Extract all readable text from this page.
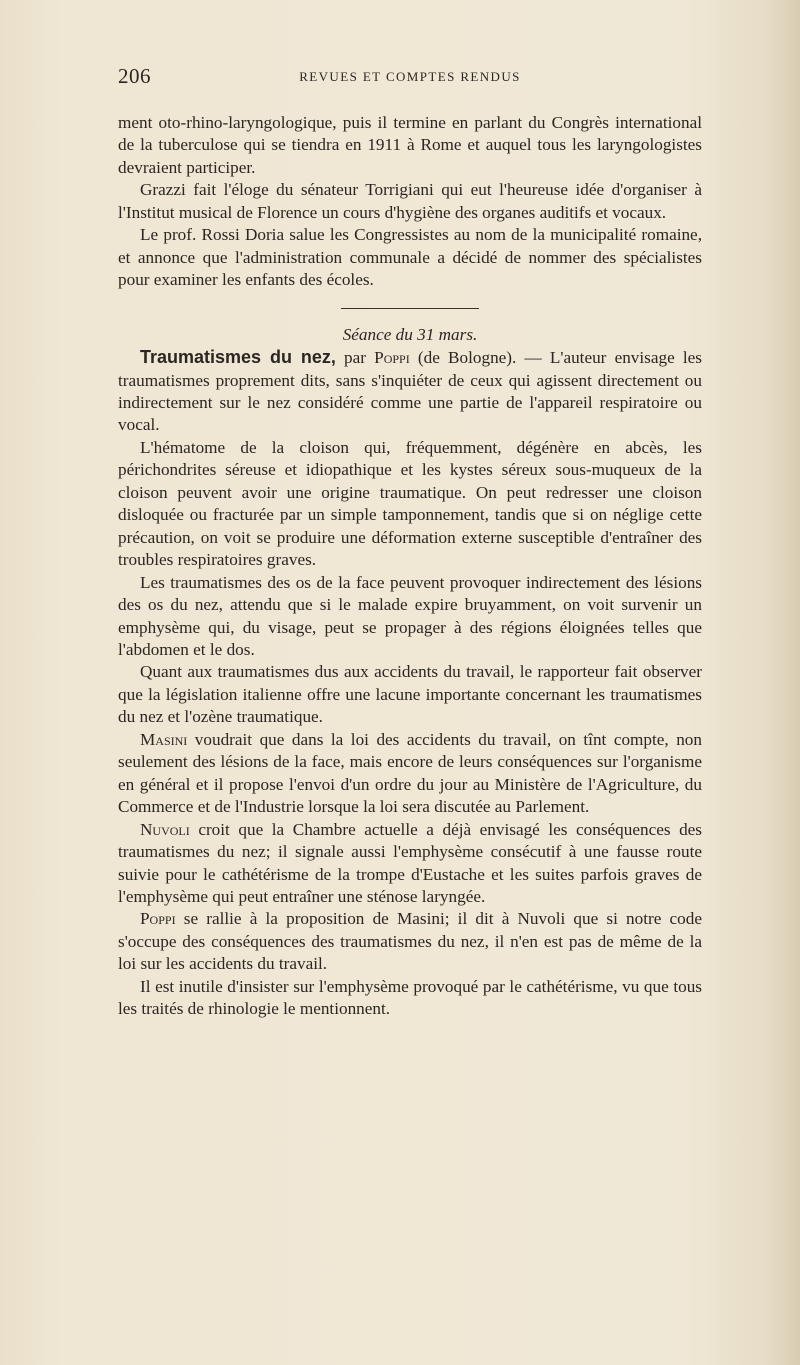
206	REVUES ET COMPTES RENDUS

ment oto-rhino-laryngologique, puis il termine en parlant du Congrès international de la tuberculose qui se tiendra en 1911 à Rome et auquel tous les laryngologistes devraient participer.

Grazzi fait l'éloge du sénateur Torrigiani qui eut l'heureuse idée d'organiser à l'Institut musical de Florence un cours d'hygiène des organes auditifs et vocaux.

Le prof. Rossi Doria salue les Congressistes au nom de la municipalité romaine, et annonce que l'administration communale a décidé de nommer des spécialistes pour examiner les enfants des écoles.

Séance du 31 mars.

Traumatismes du nez, par Poppi (de Bologne). — L'auteur envisage les traumatismes proprement dits, sans s'inquiéter de ceux qui agissent directement ou indirectement sur le nez considéré comme une partie de l'appareil respiratoire ou vocal.

L'hématome de la cloison qui, fréquemment, dégénère en abcès, les périchondrites séreuse et idiopathique et les kystes séreux sous-muqueux de la cloison peuvent avoir une origine traumatique. On peut redresser une cloison disloquée ou fracturée par un simple tamponnement, tandis que si on néglige cette précaution, on voit se produire une déformation externe susceptible d'entraîner des troubles respiratoires graves.

Les traumatismes des os de la face peuvent provoquer indirectement des lésions des os du nez, attendu que si le malade expire bruyamment, on voit survenir un emphysème qui, du visage, peut se propager à des régions éloignées telles que l'abdomen et le dos.

Quant aux traumatismes dus aux accidents du travail, le rapporteur fait observer que la législation italienne offre une lacune importante concernant les traumatismes du nez et l'ozène traumatique.

Masini voudrait que dans la loi des accidents du travail, on tînt compte, non seulement des lésions de la face, mais encore de leurs conséquences sur l'organisme en général et il propose l'envoi d'un ordre du jour au Ministère de l'Agriculture, du Commerce et de l'Industrie lorsque la loi sera discutée au Parlement.

Nuvoli croit que la Chambre actuelle a déjà envisagé les conséquences des traumatismes du nez; il signale aussi l'emphysème consécutif à une fausse route suivie pour le cathétérisme de la trompe d'Eustache et les suites parfois graves de l'emphysème qui peut entraîner une sténose laryngée.

Poppi se rallie à la proposition de Masini; il dit à Nuvoli que si notre code s'occupe des conséquences des traumatismes du nez, il n'en est pas de même de la loi sur les accidents du travail.

Il est inutile d'insister sur l'emphysème provoqué par le cathétérisme, vu que tous les traités de rhinologie le mentionnent.
